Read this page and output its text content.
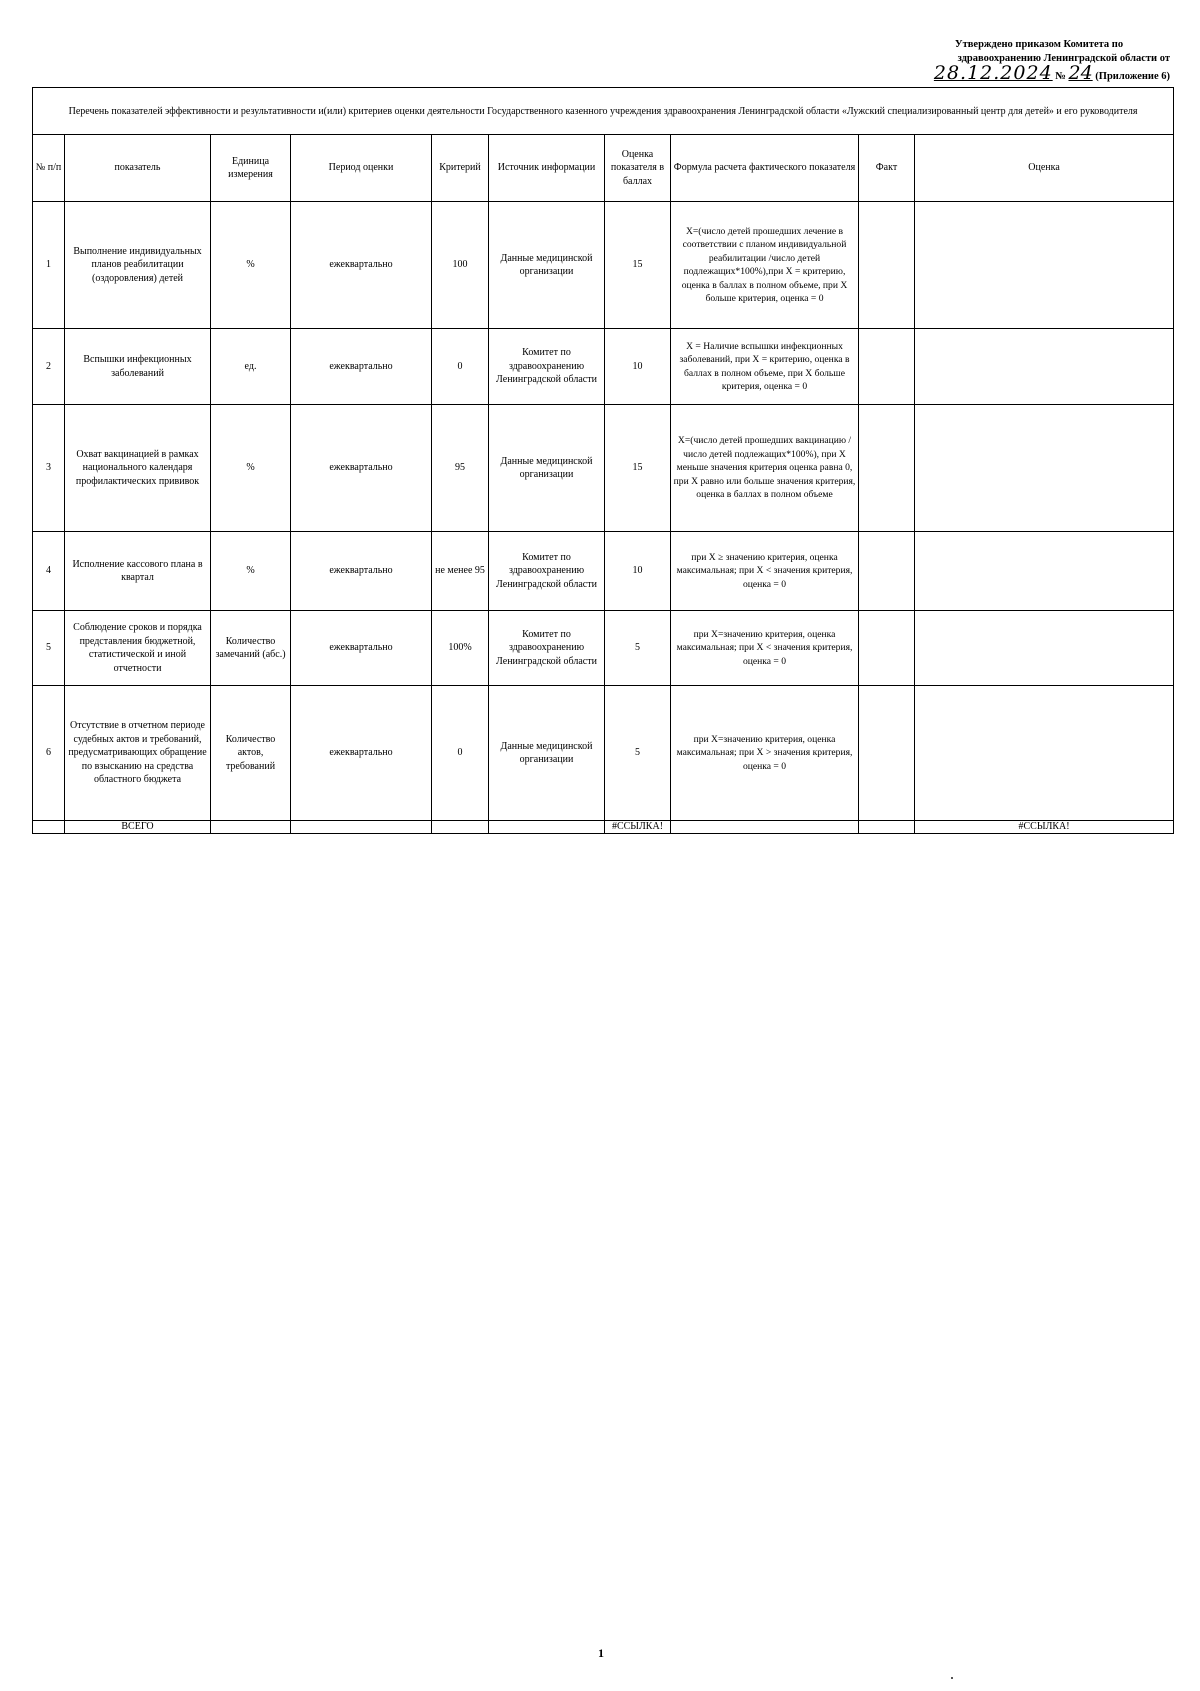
Утверждено приказом Комитета по
здравоохранению Ленинградской области от
28.12.2024 № 24 (Приложение 6)
Перечень показателей эффективности и результативности и(или) критериев оценки деятельности Государственного казенного учреждения здравоохранения Ленинградской области «Лужский специализированный центр для детей» и его руководителя									
№ п/п	показатель	Единица измерения	Период оценки	Критерий	Источник информации	Оценка показателя в баллах	Формула расчета фактического показателя	Факт	Оценка
1	Выполнение индивидуальных планов реабилитации (оздоровления) детей	%	ежеквартально	100	Данные медицинской организации	15	Х=(число детей прошедших лечение в соответствии с планом индивидуальной реабилитации /число детей подлежащих*100%),при Х = критерию, оценка в баллах в полном объеме, при Х больше критерия, оценка = 0		
2	Вспышки инфекционных заболеваний	ед.	ежеквартально	0	Комитет по здравоохранению Ленинградской области	10	Х = Наличие вспышки инфекционных заболеваний, при Х = критерию, оценка в баллах в полном объеме, при Х больше критерия, оценка = 0		
3	Охват вакцинацией в рамках национального календаря профилактических прививок	%	ежеквартально	95	Данные медицинской организации	15	Х=(число детей прошедших вакцинацию /число детей подлежащих*100%), при Х меньше значения критерия оценка равна 0, при Х равно или больше значения критерия, оценка в баллах в полном объеме		
4	Исполнение кассового плана в квартал	%	ежеквартально	не менее 95	Комитет по здравоохранению Ленинградской области	10	при Х ≥ значению критерия, оценка максимальная; при Х < значения критерия, оценка = 0		
5	Соблюдение сроков и порядка представления бюджетной, статистической и иной отчетности	Количество замечаний (абс.)	ежеквартально	100%	Комитет по здравоохранению Ленинградской области	5	при Х=значению критерия, оценка максимальная; при Х < значения критерия, оценка = 0		
6	Отсутствие в отчетном периоде судебных актов и требований, предусматривающих обращение по взысканию на средства областного бюджета	Количество актов, требований	ежеквартально	0	Данные медицинской организации	5	при Х=значению критерия, оценка максимальная; при Х > значения критерия, оценка = 0		
	ВСЕГО					#ССЫЛКА!			#ССЫЛКА!
1
